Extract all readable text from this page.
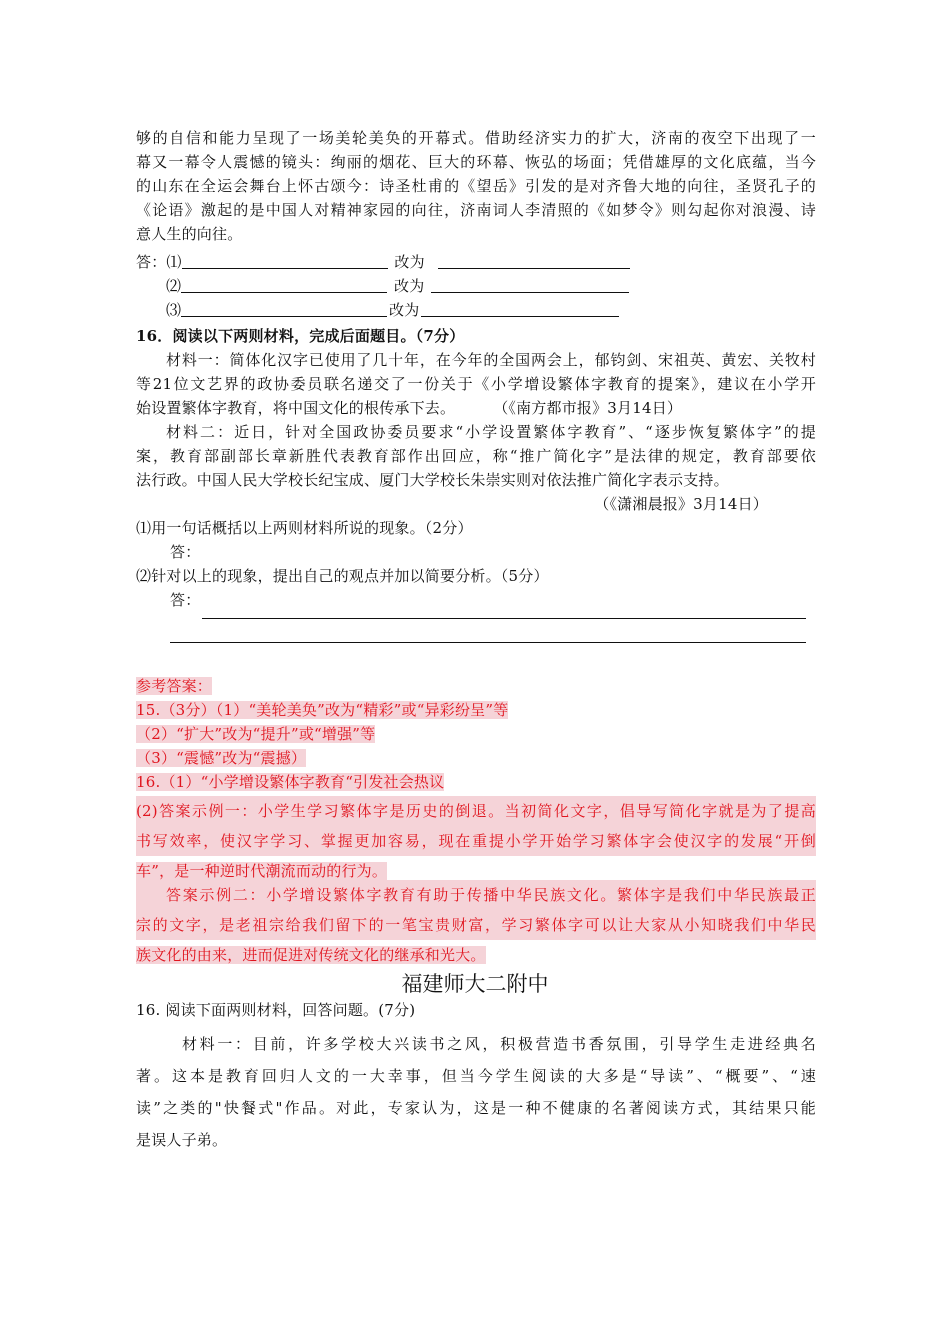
够的自信和能力呈现了一场美轮美奂的开幕式。借助经济实力的扩大，济南的夜空下出现了一
幕又一幕令人震憾的镜头：绚丽的烟花、巨大的环幕、恢弘的场面；凭借雄厚的文化底蕴，当今
的山东在全运会舞台上怀古颂今：诗圣杜甫的《望岳》引发的是对齐鲁大地的向往，圣贤孔子的
《论语》激起的是中国人对精神家园的向往，济南词人李清照的《如梦令》则勾起你对浪漫、诗
意人生的向往。
答：⑴	改为
⑵	改为
⑶	改为
16．阅读以下两则材料，完成后面题目。（7分）
材料一：简体化汉字已使用了几十年，在今年的全国两会上，郁钧剑、宋祖英、黄宏、关牧村
等21位文艺界的政协委员联名递交了一份关于《小学增设繁体字教育的提案》，建议在小学开
始设置繁体字教育，将中国文化的根传承下去。	（《南方都市报》3月14日）
材料二：近日，针对全国政协委员要求“小学设置繁体字教育”、“逐步恢复繁体字”的提
案，教育部副部长章新胜代表教育部作出回应，称“推广简化字”是法律的规定，教育部要依
法行政。中国人民大学校长纪宝成、厦门大学校长朱崇实则对依法推广简化字表示支持。
（《潇湘晨报》3月14日）
⑴用一句话概括以上两则材料所说的现象。（2分）
答：
⑵针对以上的现象，提出自己的观点并加以简要分析。（5分）
答：
参考答案：
15.（3分）（1）“美轮美奂”改为“精彩”或“异彩纷呈”等
（2）“扩大”改为“提升”或“增强”等
（3）“震憾”改为“震撼）
16.（1）“小学增设繁体字教育“引发社会热议
(2)答案示例一：小学生学习繁体字是历史的倒退。当初简化文字，倡导写简化字就是为了提高
书写效率，使汉字学习、掌握更加容易，现在重提小学开始学习繁体字会使汉字的发展“开倒
车”，是一种逆时代潮流而动的行为。
答案示例二：小学增设繁体字教育有助于传播中华民族文化。繁体字是我们中华民族最正
宗的文字，是老祖宗给我们留下的一笔宝贵财富，学习繁体字可以让大家从小知晓我们中华民
族文化的由来，进而促进对传统文化的继承和光大。
福建师大二附中
16. 阅读下面两则材料，回答问题。(7分)
材料一：目前，许多学校大兴读书之风，积极营造书香氛围，引导学生走进经典名
著。这本是教育回归人文的一大幸事，但当今学生阅读的大多是“导读”、“概要”、“速
读”之类的"快餐式"作品。对此，专家认为，这是一种不健康的名著阅读方式，其结果只能
是误人子弟。
